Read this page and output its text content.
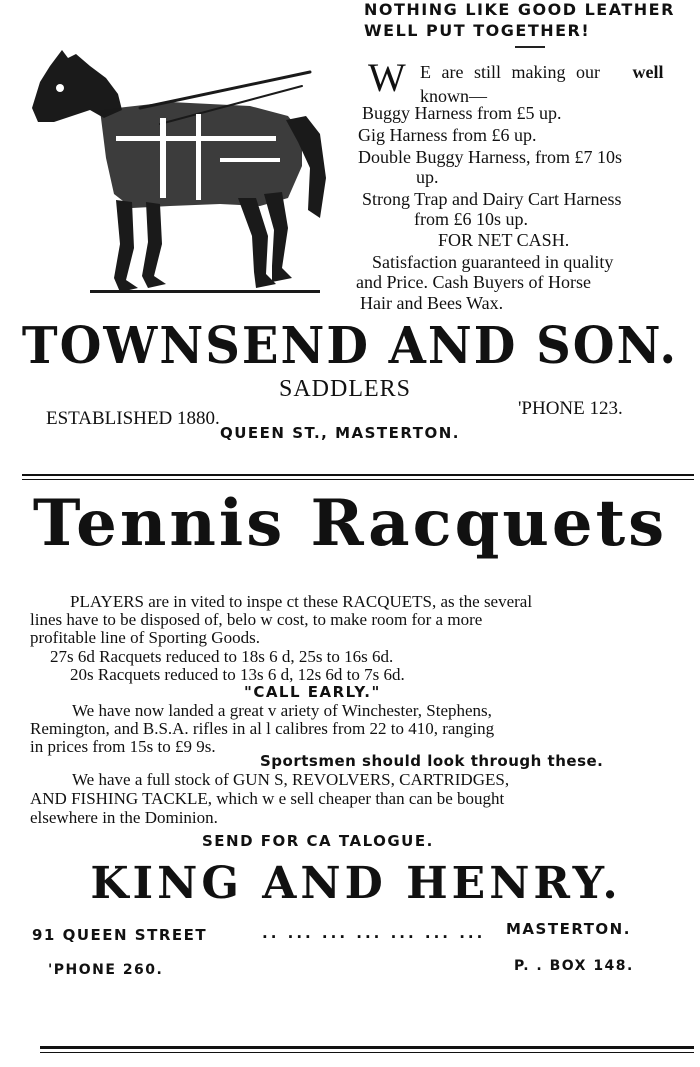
NOTHING LIKE GOOD LEATHER
WELL PUT TOGETHER!
W E are still making our well
known—
Buggy Harness from £5 up.
Gig Harness from £6 up.
Double Buggy Harness, from £7 10s
up.
Strong Trap and Dairy Cart Harness
from £6 10s up.
FOR NET CASH.
Satisfaction guaranteed in quality
and Price. Cash Buyers of Horse
Hair and Bees Wax.
TOWNSEND AND SON.
SADDLERS
ESTABLISHED 1880.	'PHONE 123.
QUEEN ST., MASTERTON.
Tennis Racquets
PLAYERS are in vited to inspe ct these RACQUETS, as the several
lines have to be disposed of, belo w cost, to make room for a more
profitable line of Sporting Goods.
27s 6d Racquets reduced to 18s 6 d, 25s to 16s 6d.
20s Racquets reduced to 13s 6 d, 12s 6d to 7s 6d.
"CALL EARLY."
We have now landed a great v ariety of Winchester, Stephens,
Remington, and B.S.A. rifles in al l calibres from 22 to 410, ranging
in prices from 15s to £9 9s.
Sportsmen should look through these.
We have a full stock of GUN S, REVOLVERS, CARTRIDGES,
AND FISHING TACKLE, which w e sell cheaper than can be bought
elsewhere in the Dominion.
SEND FOR CA TALOGUE.
KING AND HENRY.
91 QUEEN STREET	.. ... ... ... ... ... ... MASTERTON.
'PHONE 260.	P. . BOX 148.
